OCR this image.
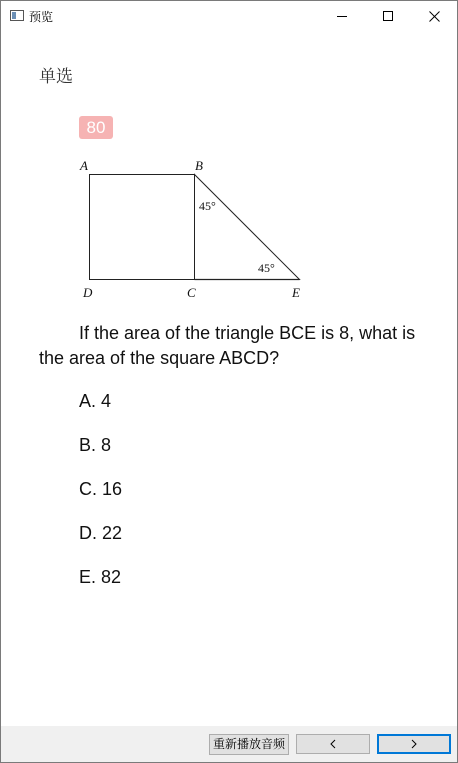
预览
单选
80
A	B
D	C	E
45°
45°
If the area of the triangle BCE is 8, what is the area of the square ABCD?
A. 4
B. 8
C. 16
D. 22
E. 82
重新播放音频
